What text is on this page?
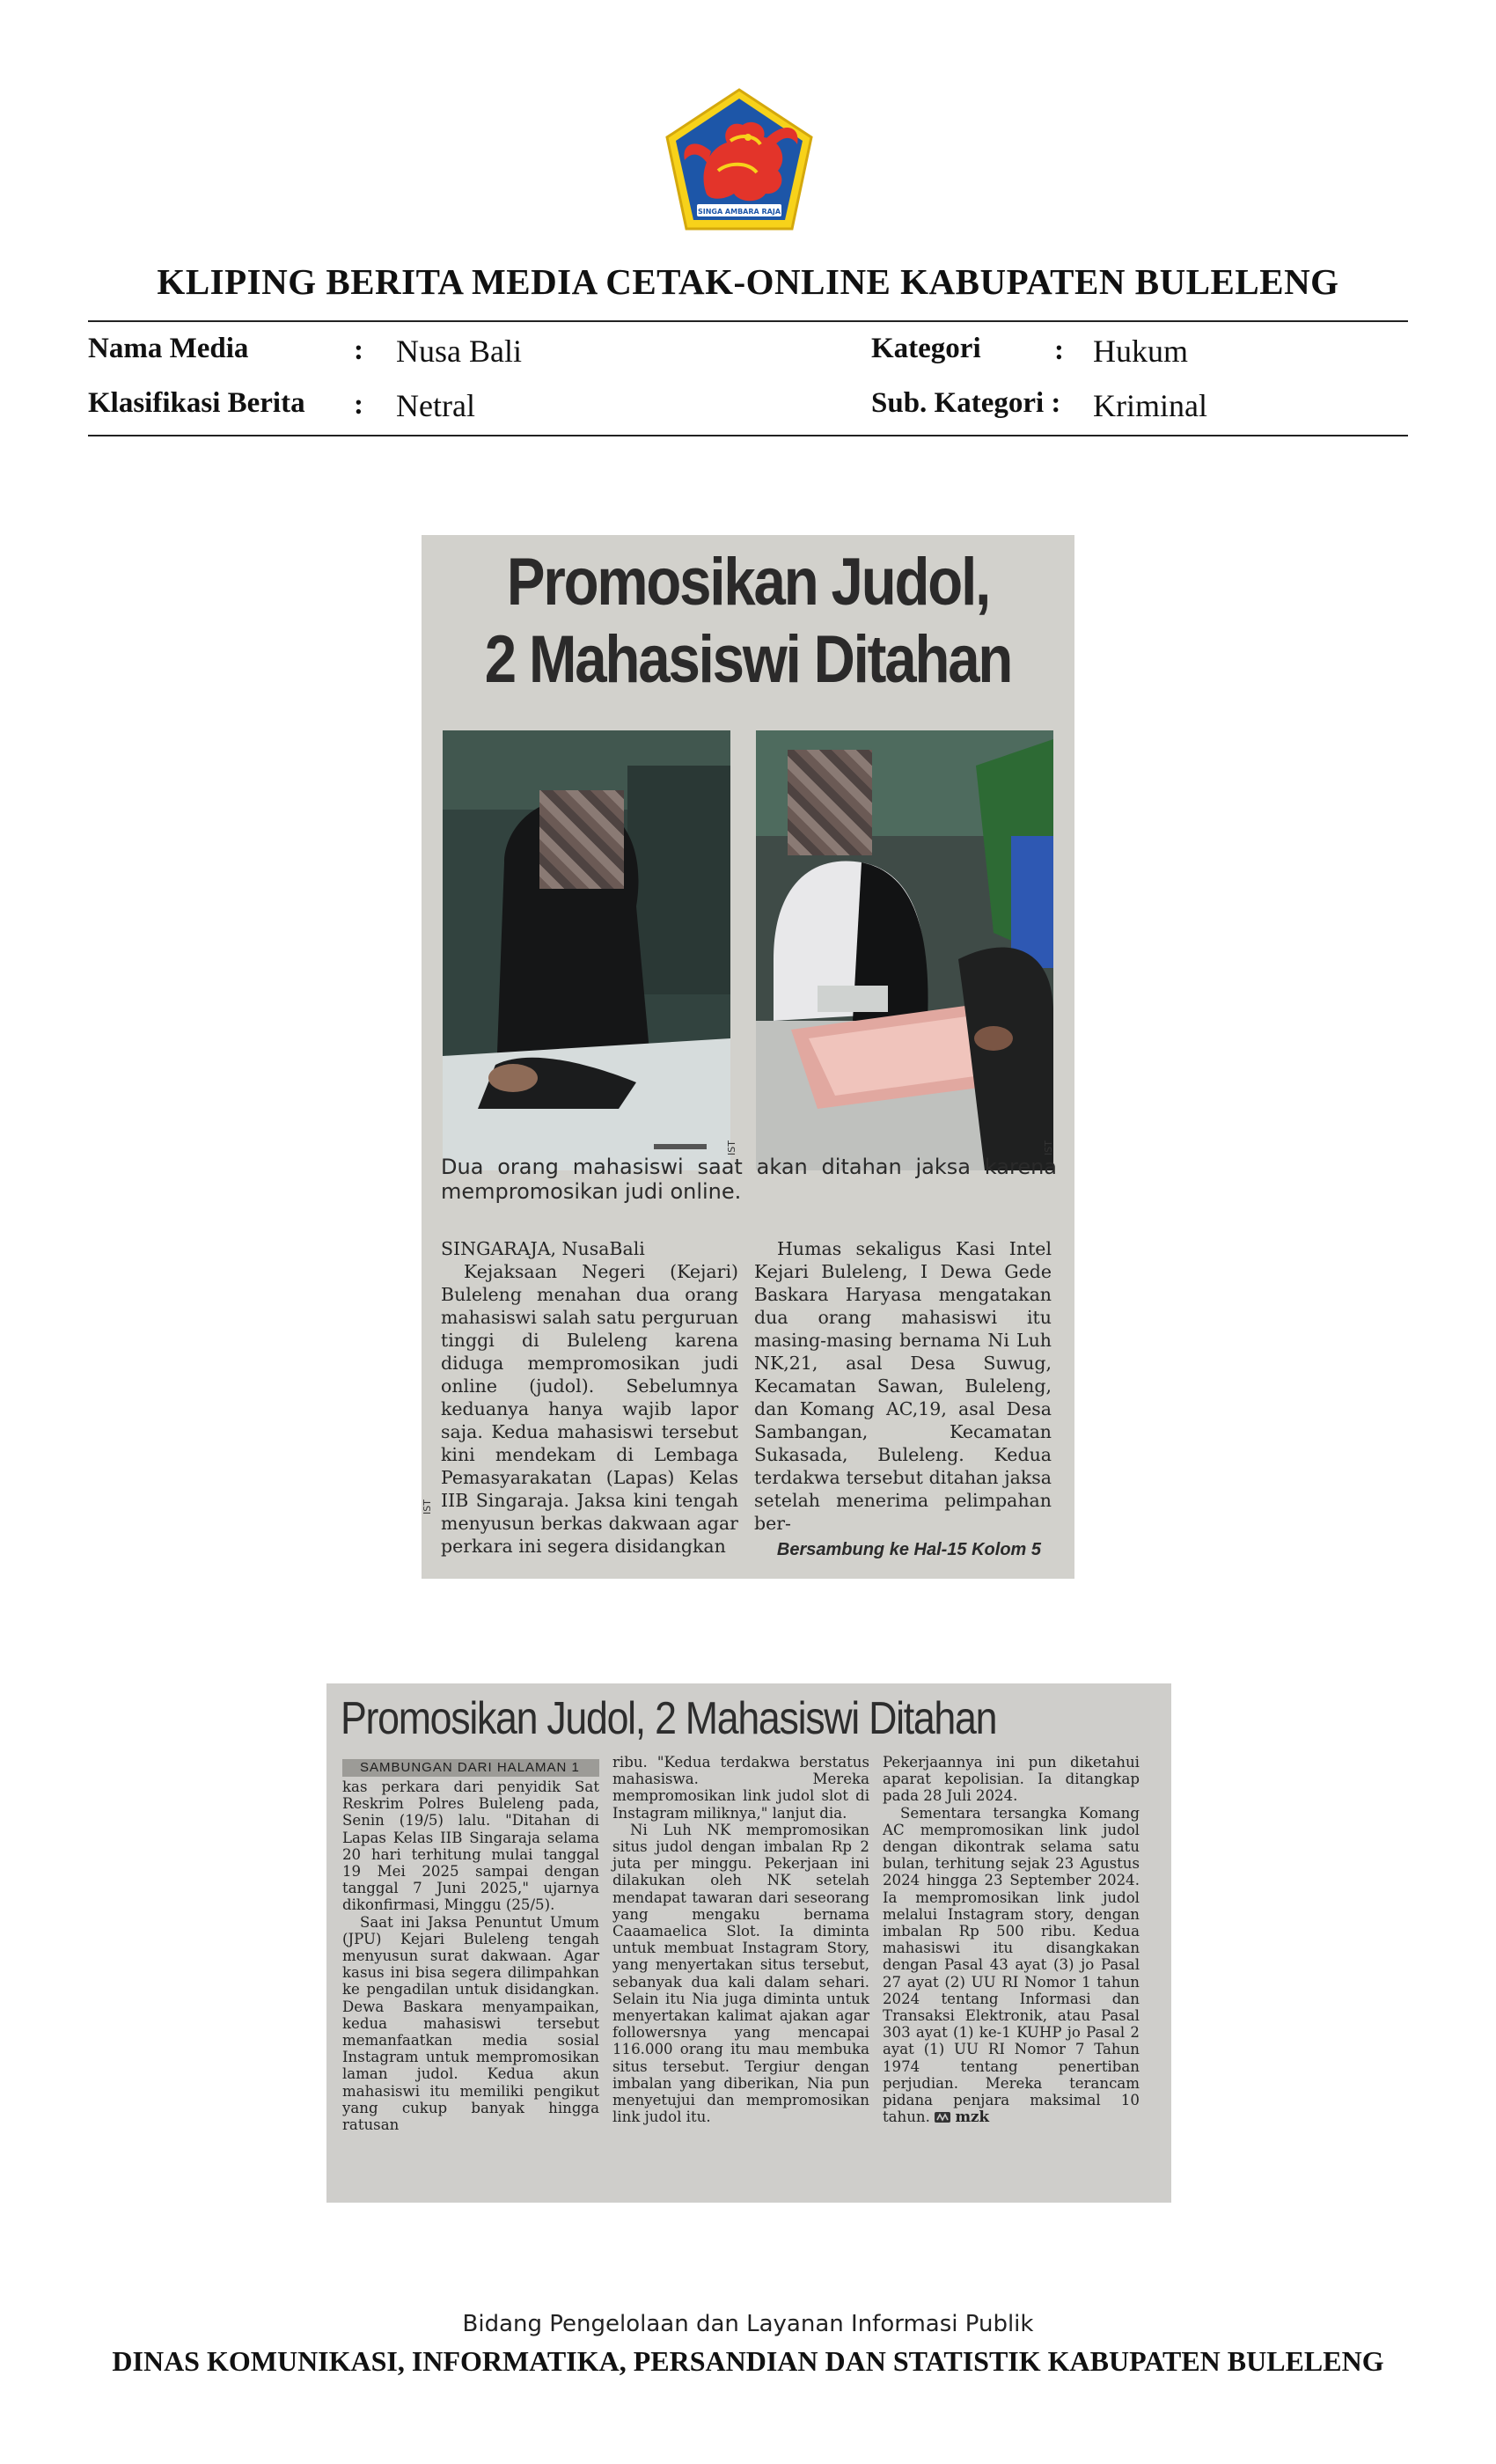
SINGA AMBARA RAJA
KLIPING BERITA MEDIA CETAK-ONLINE KABUPATEN BULELENG
Nama Media	: Nusa Bali
Klasifikasi Berita : Netral
Kategori	: Hukum
Sub. Kategori : Kriminal
Promosikan Judol,
2 Mahasiswi Ditahan
IST	IST
Dua orang mahasiswi saat akan ditahan jaksa karena mempromosikan judi online.

SINGARAJA, NusaBali

Kejaksaan Negeri (Kejari) Buleleng menahan dua orang mahasiswi salah satu perguruan tinggi di Buleleng karena diduga mempromosikan judi online (judol). Sebelumnya keduanya hanya wajib lapor saja. Kedua mahasiswi tersebut kini mendekam di Lembaga Pemasyarakatan (Lapas) Kelas IIB Singaraja. Jaksa kini tengah menyusun berkas dakwaan agar perkara ini segera disidangkan

IST

Humas sekaligus Kasi Intel Kejari Buleleng, I Dewa Gede Baskara Haryasa mengatakan dua orang mahasiswi itu masing-masing bernama Ni Luh NK,21, asal Desa Suwug, Kecamatan Sawan, Buleleng, dan Komang AC,19, asal Desa Sambangan, Kecamatan Sukasada, Buleleng. Kedua terdakwa tersebut ditahan jaksa setelah menerima pelimpahan ber-

Bersambung ke Hal-15 Kolom 5
Promosikan Judol, 2 Mahasiswi Ditahan
SAMBUNGAN DARI HALAMAN 1

kas perkara dari penyidik Sat Reskrim Polres Buleleng pada, Senin (19/5) lalu. "Ditahan di Lapas Kelas IIB Singaraja selama 20 hari terhitung mulai tanggal 19 Mei 2025 sampai dengan tanggal 7 Juni 2025," ujarnya dikonfirmasi, Minggu (25/5).

Saat ini Jaksa Penuntut Umum (JPU) Kejari Buleleng tengah menyusun surat dakwaan. Agar kasus ini bisa segera dilimpahkan ke pengadilan untuk disidangkan. Dewa Baskara menyampaikan, kedua mahasiswi tersebut memanfaatkan media sosial Instagram untuk mempromosikan laman judol. Kedua akun mahasiswi itu memiliki pengikut yang cukup banyak hingga ratusan

ribu. "Kedua terdakwa berstatus mahasiswa. Mereka mempromosikan link judol slot di Instagram miliknya," lanjut dia.

Ni Luh NK mempromosikan situs judol dengan imbalan Rp 2 juta per minggu. Pekerjaan ini dilakukan oleh NK setelah mendapat tawaran dari seseorang yang mengaku bernama Caaamaelica Slot. Ia diminta untuk membuat Instagram Story, yang menyertakan situs tersebut, sebanyak dua kali dalam sehari. Selain itu Nia juga diminta untuk menyertakan kalimat ajakan agar followersnya yang mencapai 116.000 orang itu mau membuka situs tersebut. Tergiur dengan imbalan yang diberikan, Nia pun menyetujui dan mempromosikan link judol itu.

Pekerjaannya ini pun diketahui aparat kepolisian. Ia ditangkap pada 28 Juli 2024.

Sementara tersangka Komang AC mempromosikan link judol dengan dikontrak selama satu bulan, terhitung sejak 23 Agustus 2024 hingga 23 September 2024. Ia mempromosikan link judol melalui Instagram story, dengan imbalan Rp 500 ribu. Kedua mahasiswi itu disangkakan dengan Pasal 43 ayat (3) jo Pasal 27 ayat (2) UU RI Nomor 1 tahun 2024 tentang Informasi dan Transaksi Elektronik, atau Pasal 303 ayat (1) ke-1 KUHP jo Pasal 2 ayat (1) UU RI Nomor 7 Tahun 1974 tentang penertiban perjudian. Mereka terancam pidana penjara maksimal 10 tahun. mzk

Bidang Pengelolaan dan Layanan Informasi Publik
DINAS KOMUNIKASI, INFORMATIKA, PERSANDIAN DAN STATISTIK KABUPATEN BULELENG
